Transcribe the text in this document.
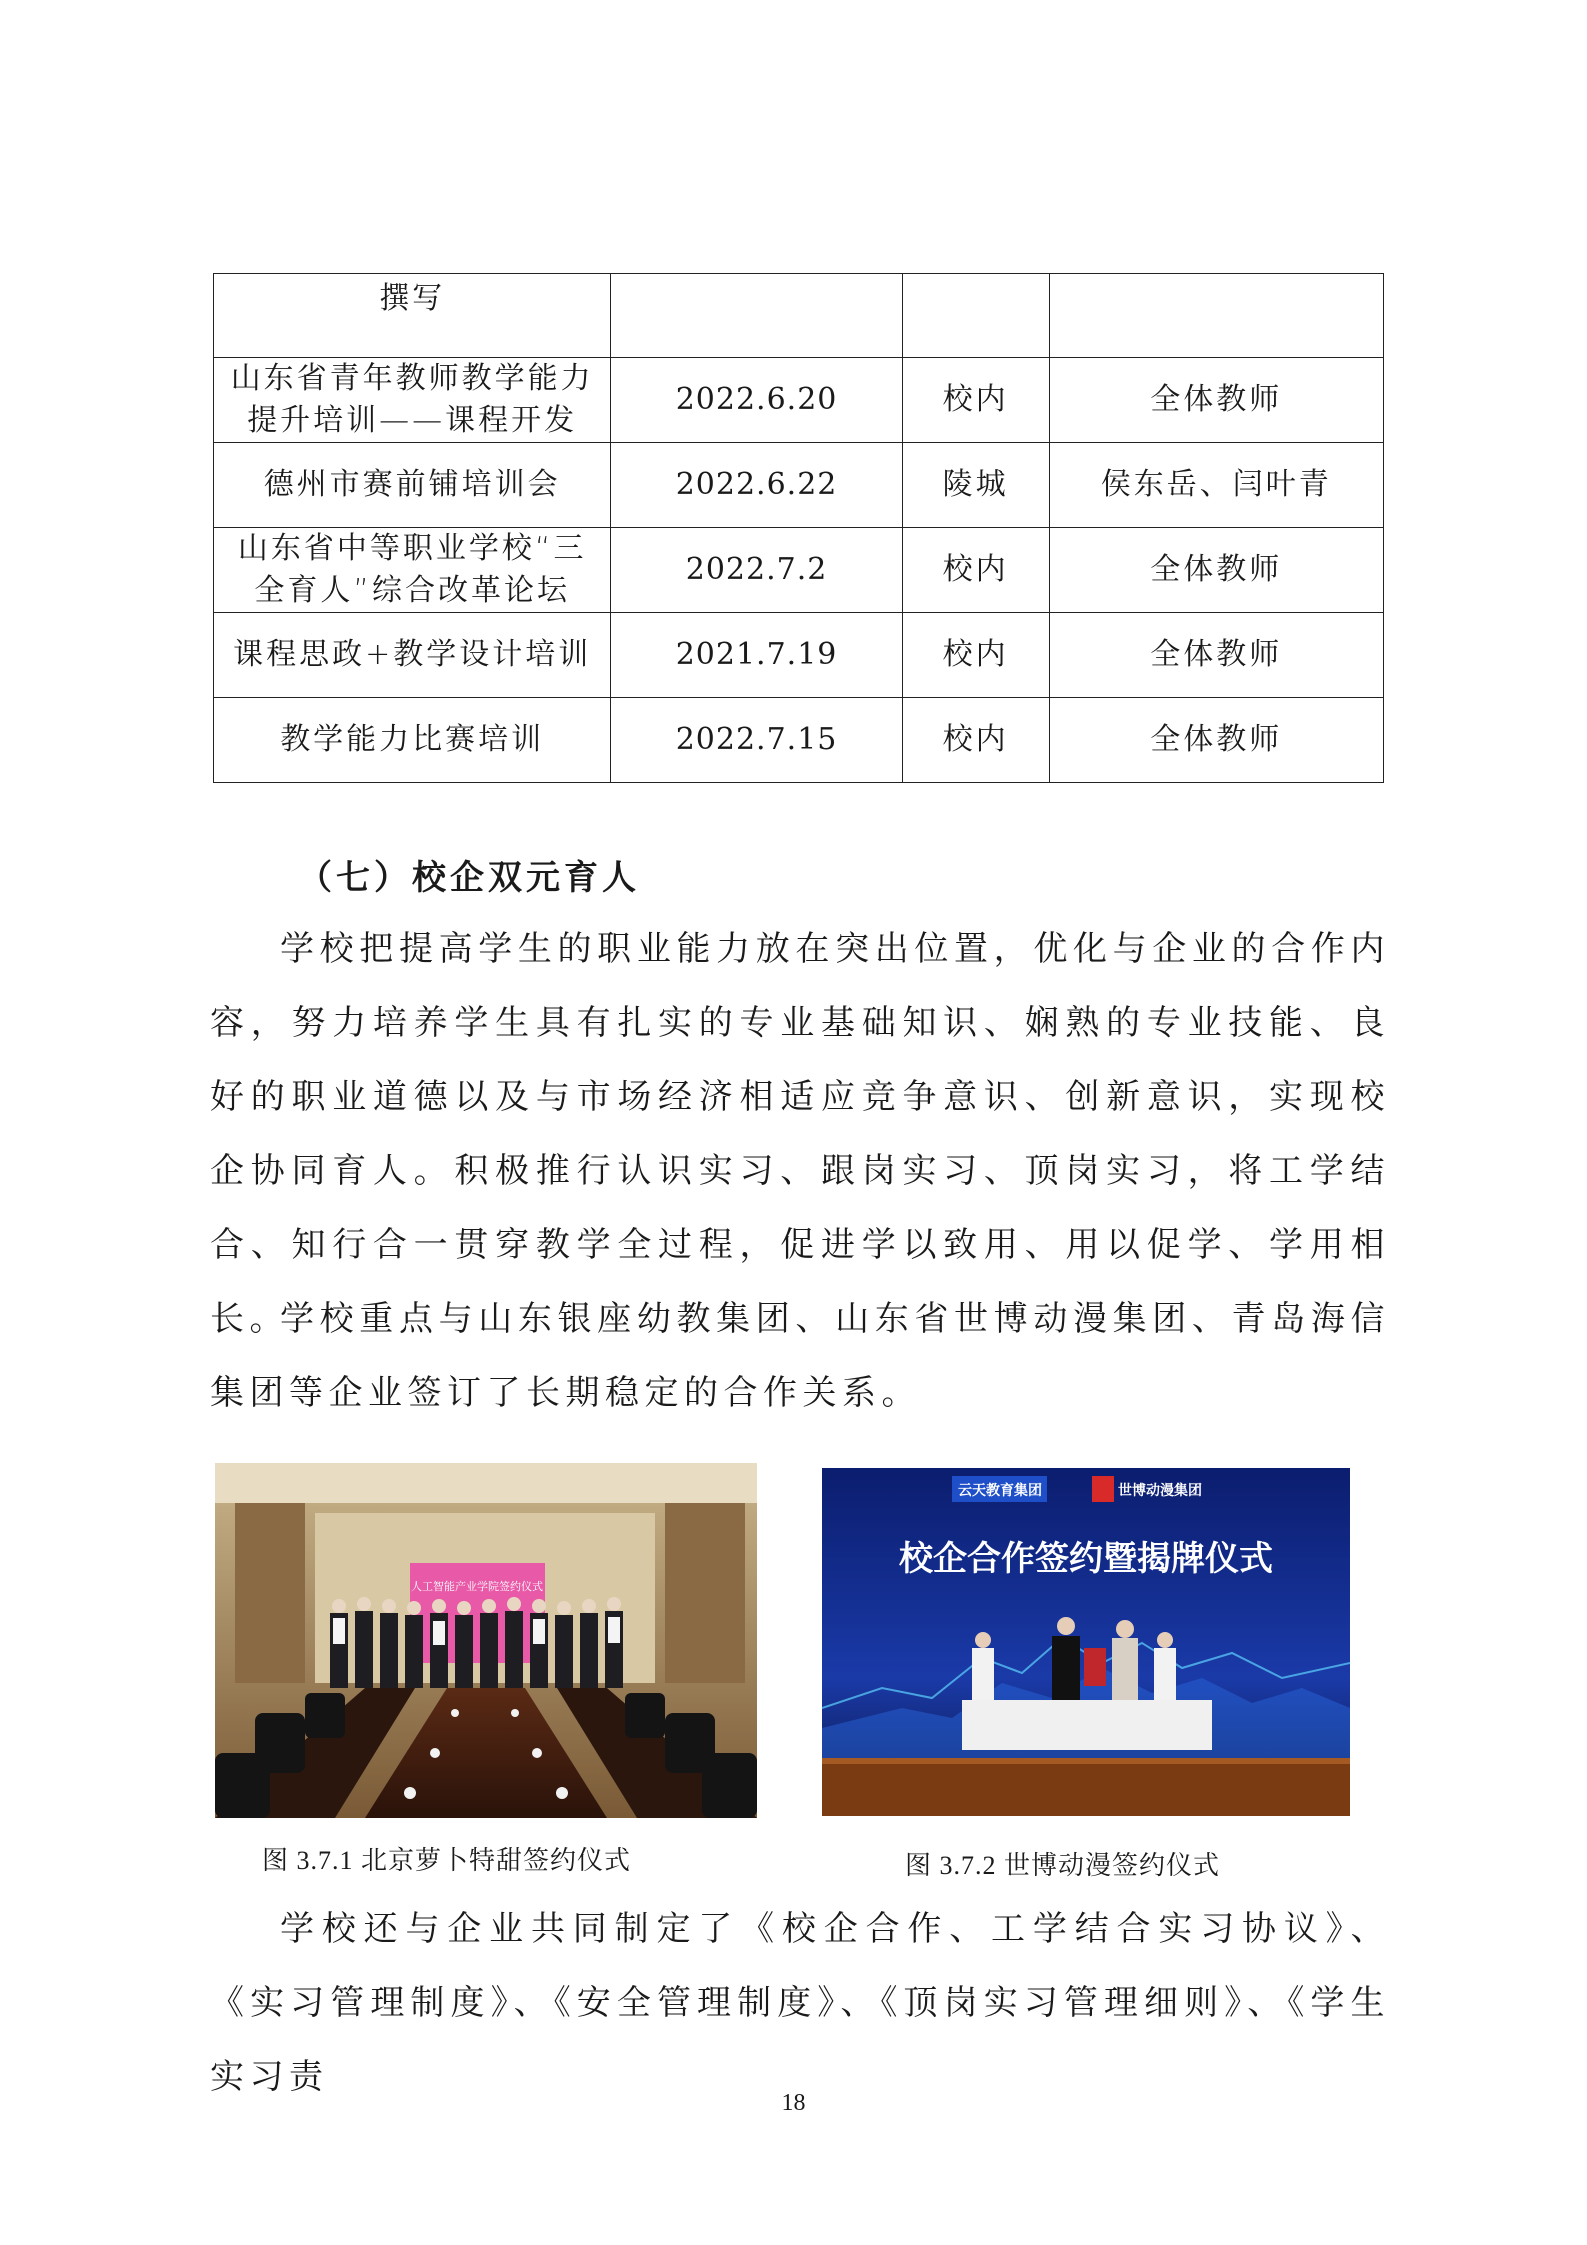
撰写			
山东省青年教师教学能力提升培训——课程开发	2022.6.20	校内	全体教师
德州市赛前铺培训会	2022.6.22	陵城	侯东岳、闫叶青
山东省中等职业学校“三全育人”综合改革论坛	2022.7.2	校内	全体教师
课程思政+教学设计培训	2021.7.19	校内	全体教师
教学能力比赛培训	2022.7.15	校内	全体教师
（七）校企双元育人

学校把提高学生的职业能力放在突出位置，优化与企业的合作内容，努力培养学生具有扎实的专业基础知识、娴熟的专业技能、良好的职业道德以及与市场经济相适应竞争意识、创新意识，实现校企协同育人。积极推行认识实习、跟岗实习、顶岗实习，将工学结合、知行合一贯穿教学全过程，促进学以致用、用以促学、学用相长。

学校重点与山东银座幼教集团、山东省世博动漫集团、青岛海信集团等企业签订了长期稳定的合作关系。

人工智能产业学院签约仪式

图 3.7.1 北京萝卜特甜签约仪式

云天教育集团	世博动漫集团
校企合作签约暨揭牌仪式

图 3.7.2 世博动漫签约仪式

学校还与企业共同制定了《校企合作、工学结合实习协议》、《实习管理制度》、《安全管理制度》、《顶岗实习管理细则》、《学生实习责

18
